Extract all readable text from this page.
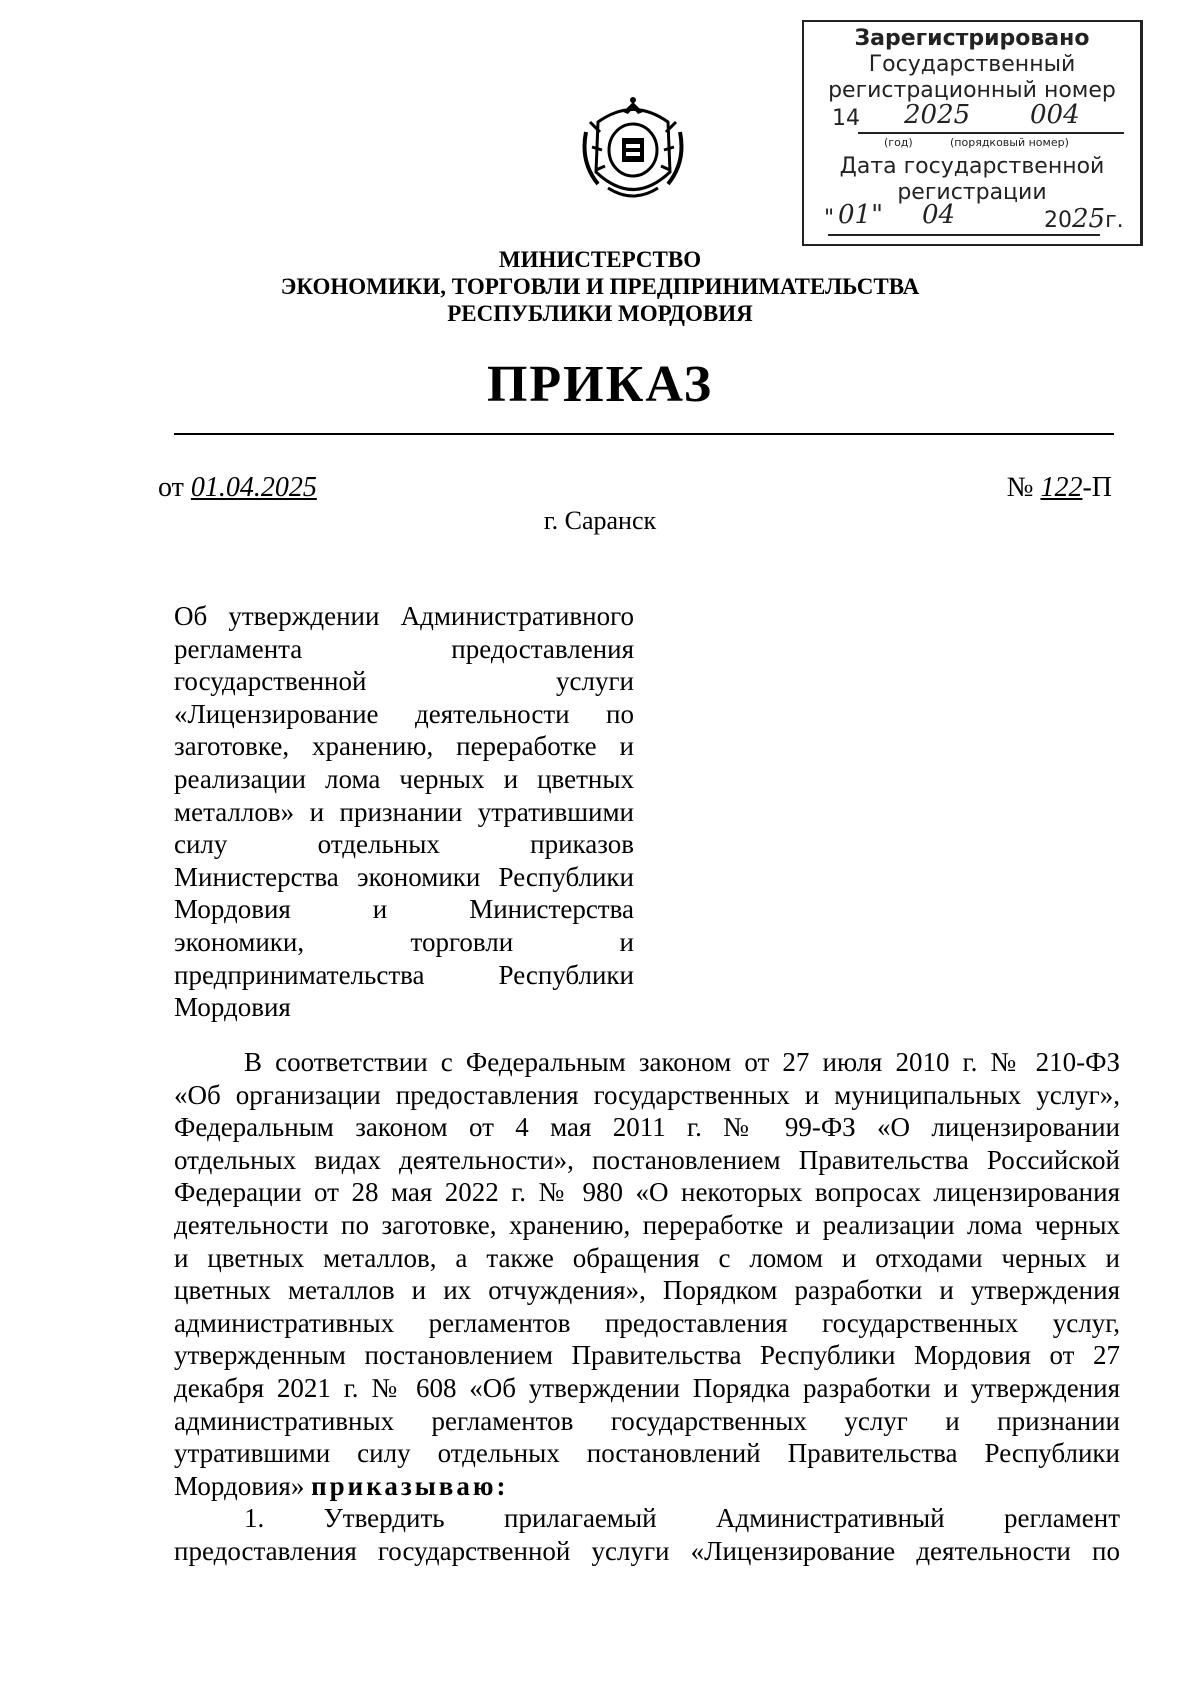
Зарегистрировано
Государственный
регистрационный номер
14 2025 004
(год)	(порядковый номер)
Дата государственной
регистрации
" 01" 04	2025г.
МИНИСТЕРСТВО
ЭКОНОМИКИ, ТОРГОВЛИ И ПРЕДПРИНИМАТЕЛЬСТВА
РЕСПУБЛИКИ МОРДОВИЯ
ПРИКАЗ
от 01.04.2025	№ 122-П
г. Саранск
Об утверждении Административного
регламента предоставления
государственной услуги
«Лицензирование деятельности по
заготовке, хранению, переработке и
реализации лома черных и цветных
металлов» и признании утратившими
силу отдельных приказов
Министерства экономики Республики
Мордовия и Министерства
экономики, торговли и
предпринимательства Республики
Мордовия
В соответствии с Федеральным законом от 27 июля 2010 г. № 210-ФЗ
«Об организации предоставления государственных и муниципальных услуг»,
Федеральным законом от 4 мая 2011 г. № 99-ФЗ «О лицензировании
отдельных видах деятельности», постановлением Правительства Российской
Федерации от 28 мая 2022 г. № 980 «О некоторых вопросах лицензирования
деятельности по заготовке, хранению, переработке и реализации лома черных
и цветных металлов, а также обращения с ломом и отходами черных и
цветных металлов и их отчуждения», Порядком разработки и утверждения
административных регламентов предоставления государственных услуг,
утвержденным постановлением Правительства Республики Мордовия от 27
декабря 2021 г. № 608 «Об утверждении Порядка разработки и утверждения
административных регламентов государственных услуг и признании
утратившими силу отдельных постановлений Правительства Республики
Мордовия» приказываю:
1. Утвердить прилагаемый Административный регламент
предоставления государственной услуги «Лицензирование деятельности по
